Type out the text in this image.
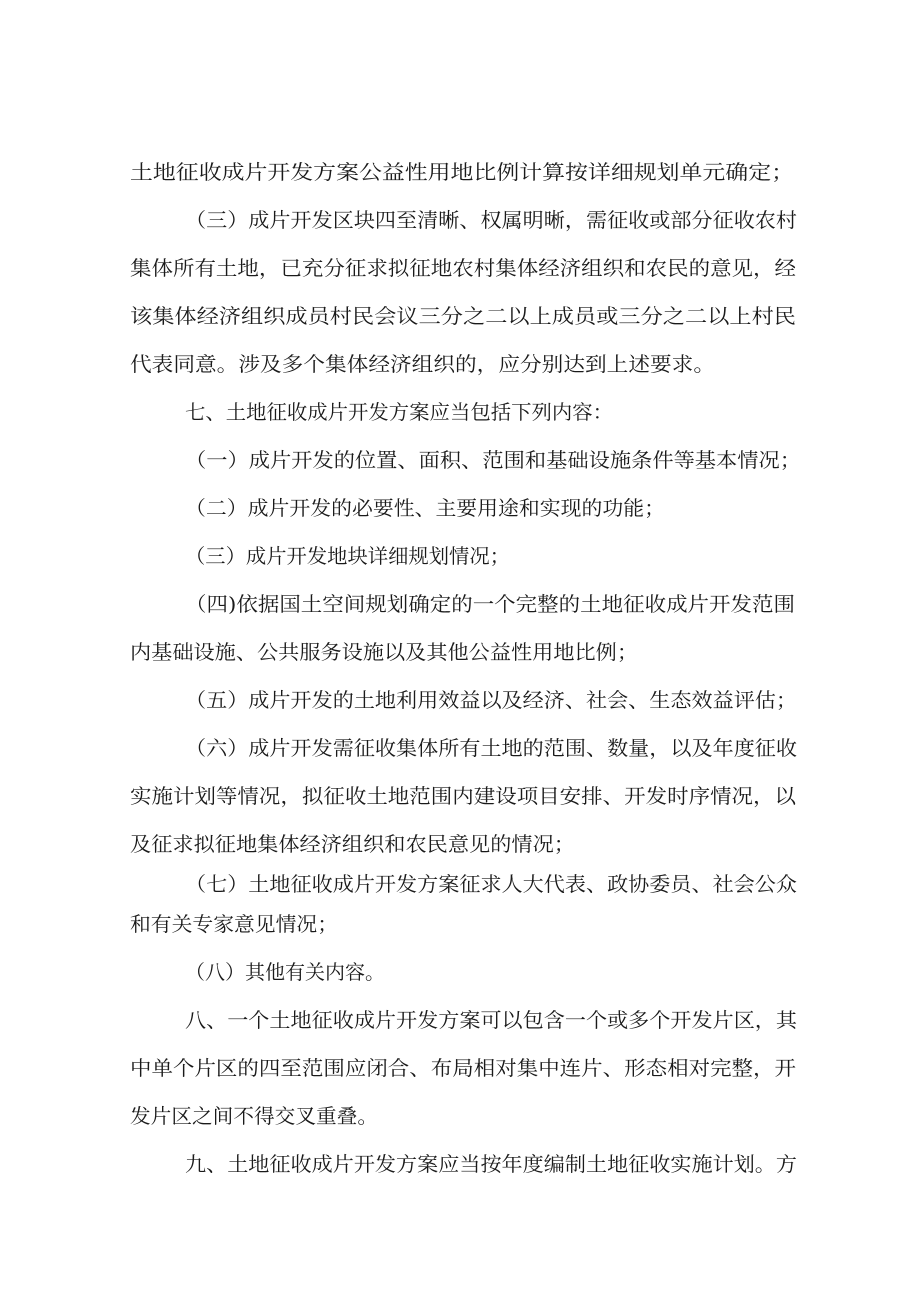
土地征收成片开发方案公益性用地比例计算按详细规划单元确定；

（三）成片开发区块四至清晰、权属明晰，需征收或部分征收农村

集体所有土地，已充分征求拟征地农村集体经济组织和农民的意见，经

该集体经济组织成员村民会议三分之二以上成员或三分之二以上村民

代表同意。涉及多个集体经济组织的，应分别达到上述要求。

七、土地征收成片开发方案应当包括下列内容：

（一）成片开发的位置、面积、范围和基础设施条件等基本情况；

（二）成片开发的必要性、主要用途和实现的功能；

（三）成片开发地块详细规划情况；

（四)依据国土空间规划确定的一个完整的土地征收成片开发范围

内基础设施、公共服务设施以及其他公益性用地比例；

（五）成片开发的土地利用效益以及经济、社会、生态效益评估；

（六）成片开发需征收集体所有土地的范围、数量，以及年度征收

实施计划等情况，拟征收土地范围内建设项目安排、开发时序情况，以

及征求拟征地集体经济组织和农民意见的情况；

（七）土地征收成片开发方案征求人大代表、政协委员、社会公众

和有关专家意见情况；

（八）其他有关内容。

八、一个土地征收成片开发方案可以包含一个或多个开发片区，其

中单个片区的四至范围应闭合、布局相对集中连片、形态相对完整，开

发片区之间不得交叉重叠。

九、土地征收成片开发方案应当按年度编制土地征收实施计划。方
